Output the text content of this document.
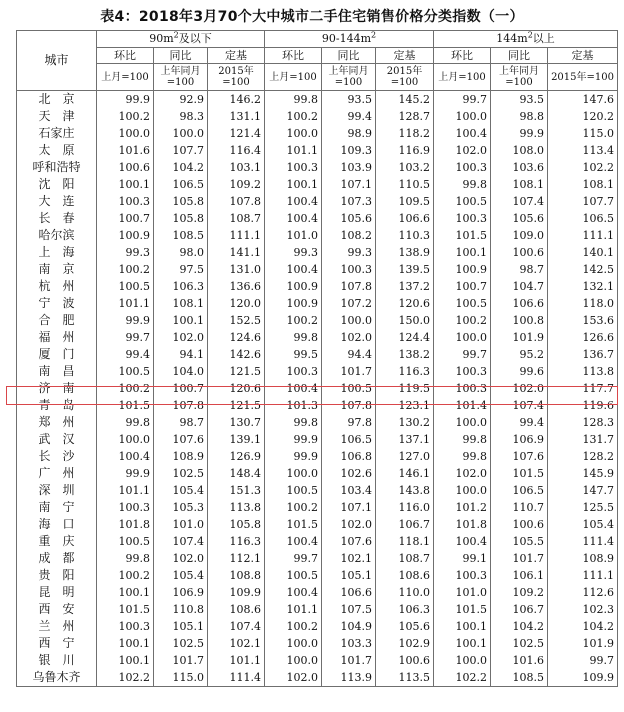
表4：2018年3月70个大中城市二手住宅销售价格分类指数（一）
城市	$90m^2$及以下			$90-144m^2$			$144m^2$以上		
	环比	同比	定基	环比	同比	定基	环比	同比	定基
	上月=100	上年同月=100	2015年=100	上月=100	上年同月=100	2015年=100	上月=100	上年同月=100	2015年=100
北　京	99.9	92.9	146.2	99.8	93.5	145.2	99.7	93.5	147.6
天　津	100.2	98.3	131.1	100.2	99.4	128.7	100.0	98.8	120.2
石家庄	100.0	100.0	121.4	100.0	98.9	118.2	100.4	99.9	115.0
太　原	101.6	107.7	116.4	101.1	109.3	116.9	102.0	108.0	113.4
呼和浩特	100.6	104.2	103.1	100.3	103.9	103.2	100.3	103.6	102.2
沈　阳	100.1	106.5	109.2	100.1	107.1	110.5	99.8	108.1	108.1
大　连	100.3	105.8	107.8	100.4	107.3	109.5	100.5	107.4	107.7
长　春	100.7	105.8	108.7	100.4	105.6	106.6	100.3	105.6	106.5
哈尔滨	100.9	108.5	111.1	101.0	108.2	110.3	101.5	109.0	111.1
上　海	99.3	98.0	141.1	99.3	99.3	138.9	100.1	100.6	140.1
南　京	100.2	97.5	131.0	100.4	100.3	139.5	100.9	98.7	142.5
杭　州	100.5	106.3	136.6	100.9	107.8	137.2	100.7	104.7	132.1
宁　波	101.1	108.1	120.0	100.9	107.2	120.6	100.5	106.6	118.0
合　肥	99.9	100.1	152.5	100.2	100.0	150.0	100.2	100.8	153.6
福　州	99.7	102.0	124.6	99.8	102.0	124.4	100.0	101.9	126.6
厦　门	99.4	94.1	142.6	99.5	94.4	138.2	99.7	95.2	136.7
南　昌	100.5	104.0	121.5	100.3	101.7	116.3	100.3	99.6	113.8
济　南	100.2	100.7	120.6	100.4	100.5	119.5	100.3	102.0	117.7
青　岛	101.5	107.8	121.5	101.3	107.8	123.1	101.4	107.4	119.6
郑　州	99.8	98.7	130.7	99.8	97.8	130.2	100.0	99.4	128.3
武　汉	100.0	107.6	139.1	99.9	106.5	137.1	99.8	106.9	131.7
长　沙	100.4	108.9	126.9	99.9	106.8	127.0	99.8	107.6	128.2
广　州	99.9	102.5	148.4	100.0	102.6	146.1	102.0	101.5	145.9
深　圳	101.1	105.4	151.3	100.5	103.4	143.8	100.0	106.5	147.7
南　宁	100.3	105.3	113.8	100.2	107.1	116.0	101.2	110.7	125.5
海　口	101.8	101.0	105.8	101.5	102.0	106.7	101.8	100.6	105.4
重　庆	100.5	107.4	116.3	100.4	107.6	118.1	100.4	105.5	111.4
成　都	99.8	102.0	112.1	99.7	102.1	108.7	99.1	101.7	108.9
贵　阳	100.2	105.4	108.8	100.5	105.1	108.6	100.3	106.1	111.1
昆　明	100.1	106.9	109.9	100.4	106.6	110.0	101.0	109.2	112.6
西　安	101.5	110.8	108.6	101.1	107.5	106.3	101.5	106.7	102.3
兰　州	100.3	105.1	107.4	100.2	104.9	105.6	100.1	104.2	104.2
西　宁	100.1	102.5	102.1	100.0	103.3	102.9	100.1	102.5	101.9
银　川	100.1	101.7	101.1	100.0	101.7	100.6	100.0	101.6	99.7
乌鲁木齐	102.2	115.0	111.4	102.0	113.9	113.5	102.2	108.5	109.9
